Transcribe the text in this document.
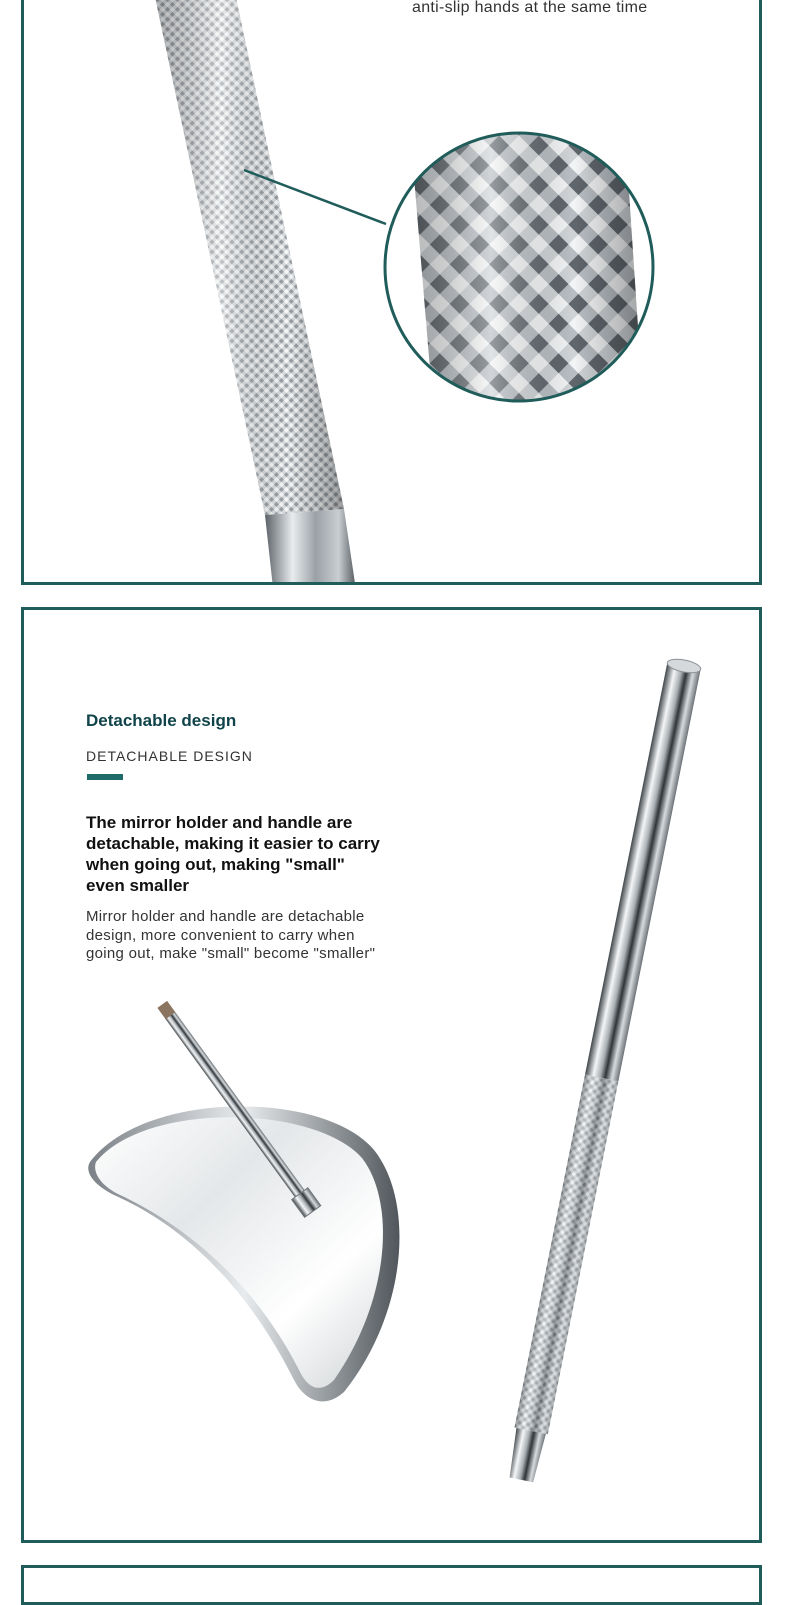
anti-slip hands at the same time
Detachable design
DETACHABLE DESIGN
The mirror holder and handle are detachable, making it easier to carry when going out, making "small" even smaller
Mirror holder and handle are detachable design, more convenient to carry when going out, make "small" become "smaller"
